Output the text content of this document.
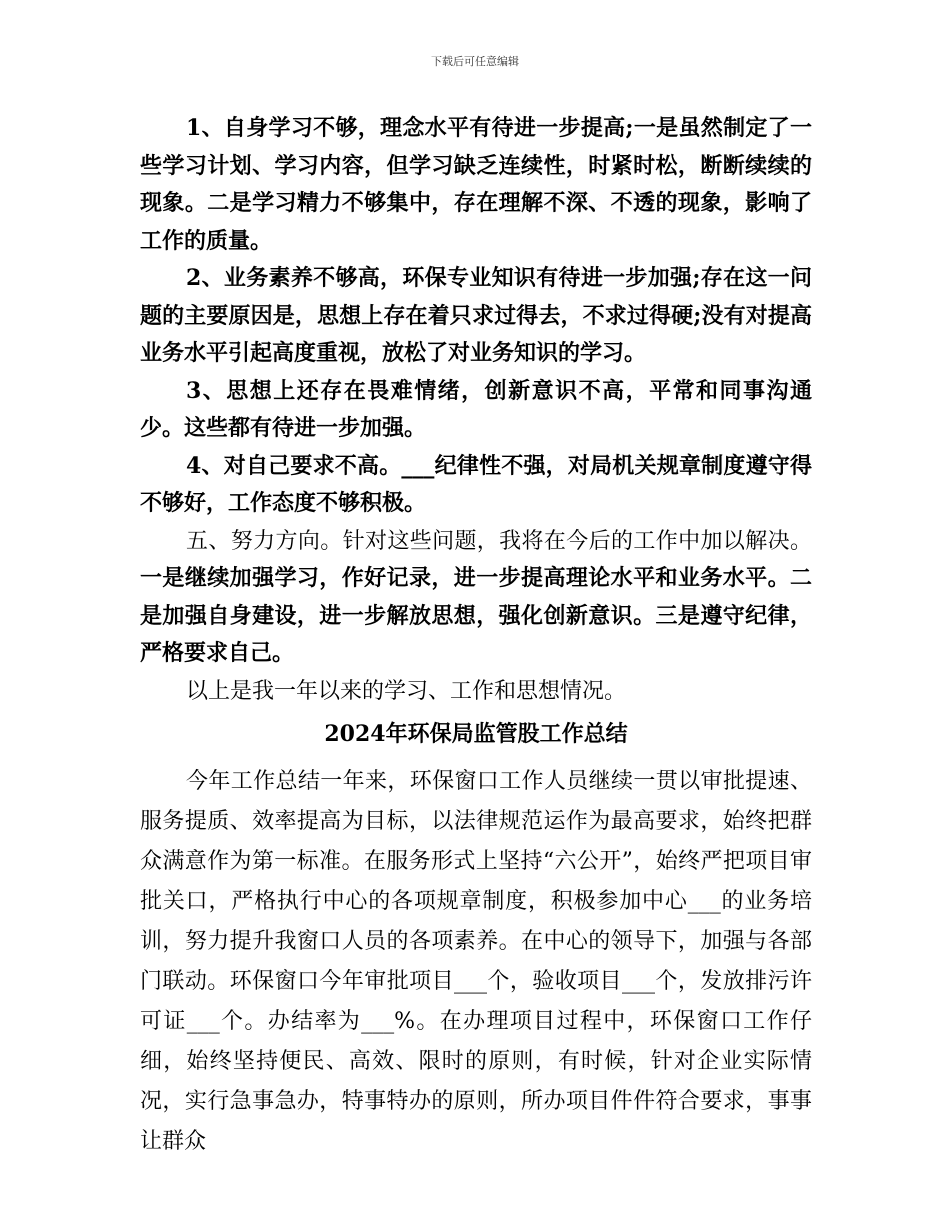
下载后可任意编辑

1、自身学习不够，理念水平有待进一步提高;一是虽然制定了一些学习计划、学习内容，但学习缺乏连续性，时紧时松，断断续续的现象。二是学习精力不够集中，存在理解不深、不透的现象，影响了工作的质量。

2、业务素养不够高，环保专业知识有待进一步加强;存在这一问题的主要原因是，思想上存在着只求过得去，不求过得硬;没有对提高业务水平引起高度重视，放松了对业务知识的学习。

3、思想上还存在畏难情绪，创新意识不高，平常和同事沟通少。这些都有待进一步加强。

4、对自己要求不高。___纪律性不强，对局机关规章制度遵守得不够好，工作态度不够积极。

五、努力方向。针对这些问题，我将在今后的工作中加以解决。一是继续加强学习，作好记录，进一步提高理论水平和业务水平。二是加强自身建设，进一步解放思想，强化创新意识。三是遵守纪律，严格要求自己。

以上是我一年以来的学习、工作和思想情况。

2024年环保局监管股工作总结

今年工作总结一年来，环保窗口工作人员继续一贯以审批提速、服务提质、效率提高为目标，以法律规范运作为最高要求，始终把群众满意作为第一标准。在服务形式上坚持“六公开”，始终严把项目审批关口，严格执行中心的各项规章制度，积极参加中心___的业务培训，努力提升我窗口人员的各项素养。在中心的领导下，加强与各部门联动。环保窗口今年审批项目___个，验收项目___个，发放排污许可证___个。办结率为___%。在办理项目过程中，环保窗口工作仔细，始终坚持便民、高效、限时的原则，有时候，针对企业实际情况，实行急事急办，特事特办的原则，所办项目件件符合要求，事事让群众
